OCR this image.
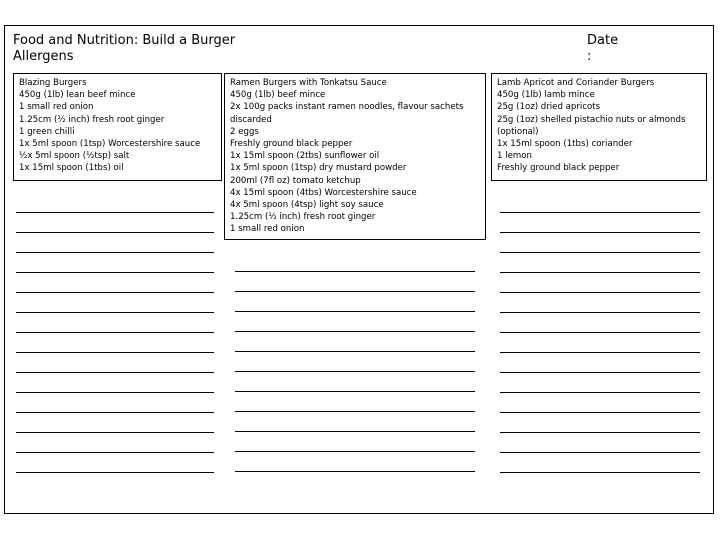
Food and Nutrition: Build a Burger
Allergens
Date
:
Blazing Burgers
450g (1lb) lean beef mince
1 small red onion
1.25cm (½ inch) fresh root ginger
1 green chilli
1x 5ml spoon (1tsp) Worcestershire sauce
½x 5ml spoon (½tsp) salt
1x 15ml spoon (1tbs) oil
Ramen Burgers with Tonkatsu Sauce
450g (1lb) beef mince
2x 100g packs instant ramen noodles, flavour sachets
discarded
2 eggs
Freshly ground black pepper
1x 15ml spoon (2tbs) sunflower oil
1x 5ml spoon (1tsp) dry mustard powder
200ml (7fl oz) tomato ketchup
4x 15ml spoon (4tbs) Worcestershire sauce
4x 5ml spoon (4tsp) light soy sauce
1.25cm (½ inch) fresh root ginger
1 small red onion
Lamb Apricot and Coriander Burgers
450g (1lb) lamb mince
25g (1oz) dried apricots
25g (1oz) shelled pistachio nuts or almonds
(optional)
1x 15ml spoon (1tbs) coriander
1 lemon
Freshly ground black pepper
